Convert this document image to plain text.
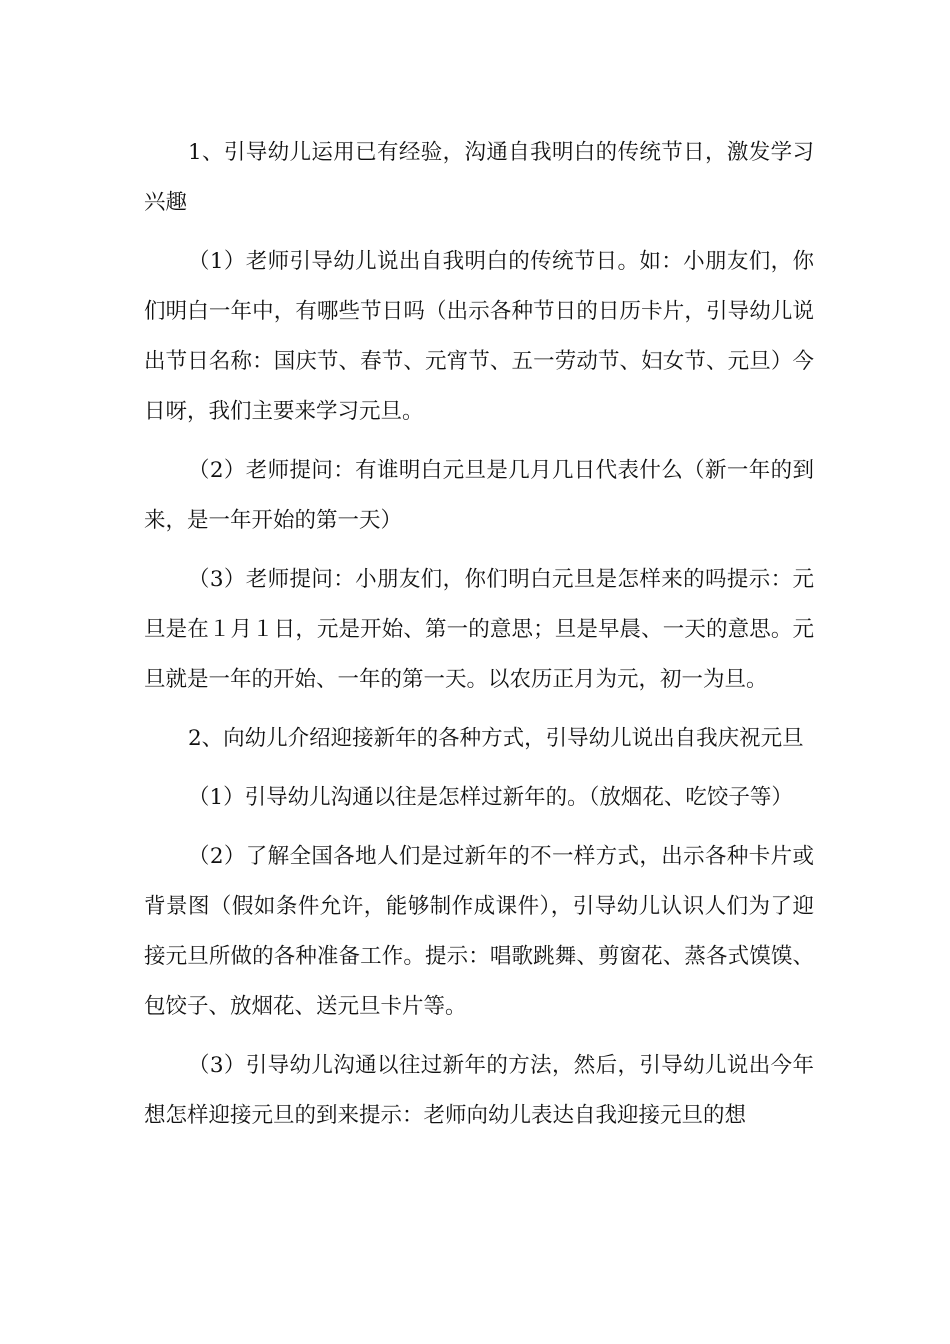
1、引导幼儿运用已有经验，沟通自我明白的传统节日，激发学习兴趣

（1）老师引导幼儿说出自我明白的传统节日。如：小朋友们，你们明白一年中，有哪些节日吗（出示各种节日的日历卡片，引导幼儿说出节日名称：国庆节、春节、元宵节、五一劳动节、妇女节、元旦）今日呀，我们主要来学习元旦。

（2）老师提问：有谁明白元旦是几月几日代表什么（新一年的到来，是一年开始的第一天）

（3）老师提问：小朋友们，你们明白元旦是怎样来的吗提示：元旦是在１月１日，元是开始、第一的意思；旦是早晨、一天的意思。元旦就是一年的开始、一年的第一天。以农历正月为元，初一为旦。

2、向幼儿介绍迎接新年的各种方式，引导幼儿说出自我庆祝元旦

（1）引导幼儿沟通以往是怎样过新年的。（放烟花、吃饺子等）

（2）了解全国各地人们是过新年的不一样方式，出示各种卡片或背景图（假如条件允许，能够制作成课件），引导幼儿认识人们为了迎接元旦所做的各种准备工作。提示：唱歌跳舞、剪窗花、蒸各式馍馍、包饺子、放烟花、送元旦卡片等。

（3）引导幼儿沟通以往过新年的方法，然后，引导幼儿说出今年想怎样迎接元旦的到来提示：老师向幼儿表达自我迎接元旦的想
